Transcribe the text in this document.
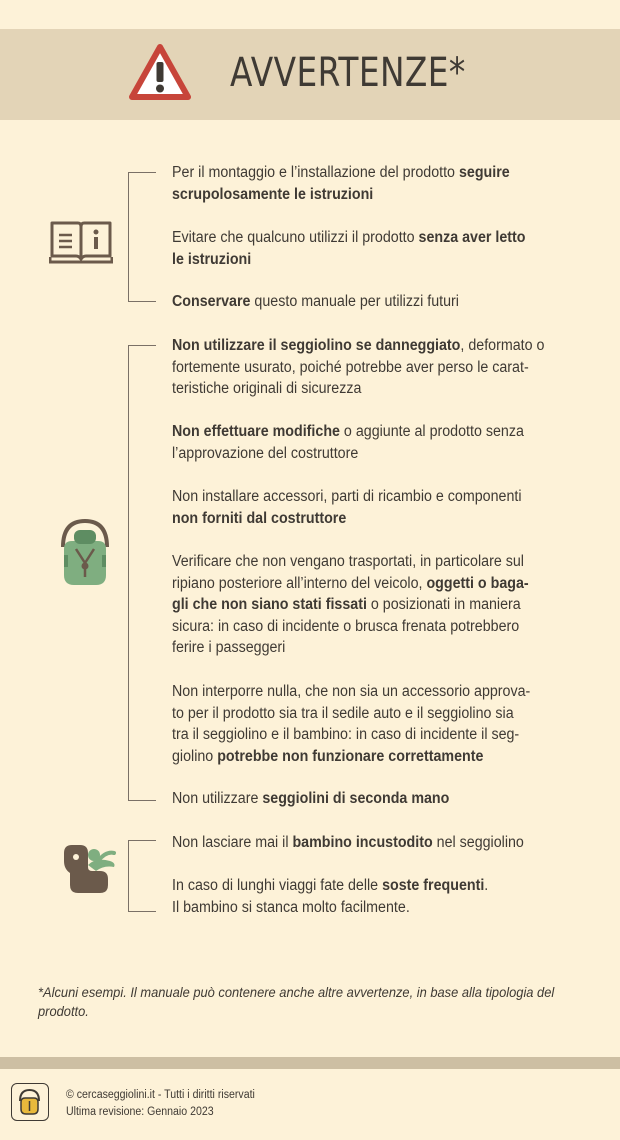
AVVERTENZE*
Per il montaggio e l’installazione del prodotto seguire
scrupolosamente le istruzioni
Evitare che qualcuno utilizzi il prodotto senza aver letto
le istruzioni
Conservare questo manuale per utilizzi futuri
Non utilizzare il seggiolino se danneggiato, deformato o
fortemente usurato, poiché potrebbe aver perso le carat-
teristiche originali di sicurezza
Non effettuare modifiche o aggiunte al prodotto senza
l’approvazione del costruttore
Non installare accessori, parti di ricambio e componenti
non forniti dal costruttore
Verificare che non vengano trasportati, in particolare sul
ripiano posteriore all’interno del veicolo, oggetti o baga-
gli che non siano stati fissati o posizionati in maniera
sicura: in caso di incidente o brusca frenata potrebbero
ferire i passeggeri
Non interporre nulla, che non sia un accessorio approva-
to per il prodotto sia tra il sedile auto e il seggiolino sia
tra il seggiolino e il bambino: in caso di incidente il seg-
giolino potrebbe non funzionare correttamente
Non utilizzare seggiolini di seconda mano
Non lasciare mai il bambino incustodito nel seggiolino
In caso di lunghi viaggi fate delle soste frequenti.
Il bambino si stanca molto facilmente.
*Alcuni esempi. Il manuale può contenere anche altre avvertenze, in base alla tipologia del
prodotto.
© cercaseggiolini.it - Tutti i diritti riservati
Ultima revisione: Gennaio 2023
